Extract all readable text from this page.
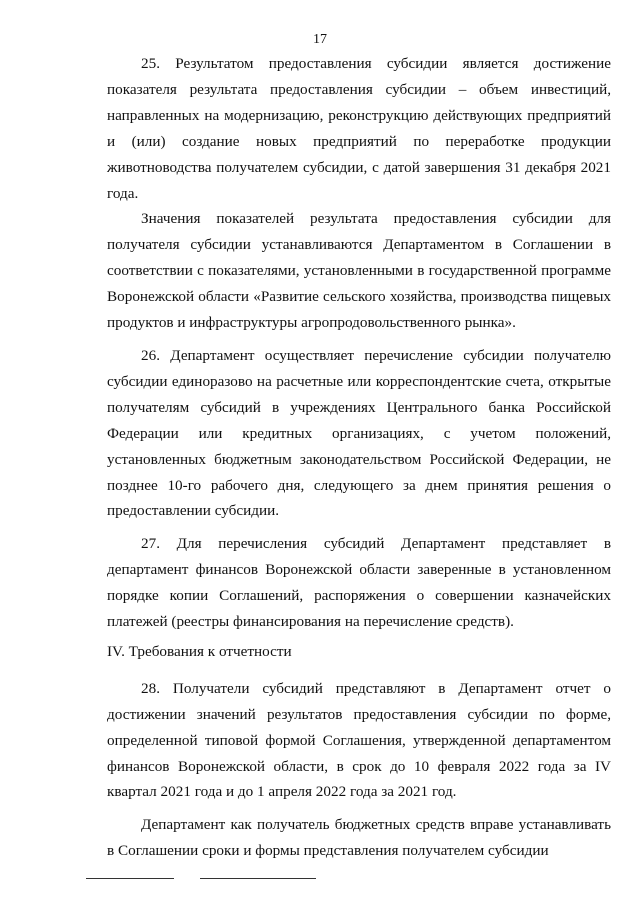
17

25. Результатом предоставления субсидии является достижение показателя результата предоставления субсидии – объем инвестиций, направленных на модернизацию, реконструкцию действующих предприятий и (или) создание новых предприятий по переработке продукции животноводства получателем субсидии, с датой завершения 31 декабря 2021 года.

Значения показателей результата предоставления субсидии для получателя субсидии устанавливаются Департаментом в Соглашении в соответствии с показателями, установленными в государственной программе Воронежской области «Развитие сельского хозяйства, производства пищевых продуктов и инфраструктуры агропродовольственного рынка».

26. Департамент осуществляет перечисление субсидии получателю субсидии единоразово на расчетные или корреспондентские счета, открытые получателям субсидий в учреждениях Центрального банка Российской Федерации или кредитных организациях, с учетом положений, установленных бюджетным законодательством Российской Федерации, не позднее 10-го рабочего дня, следующего за днем принятия решения о предоставлении субсидии.

27. Для перечисления субсидий Департамент представляет в департамент финансов Воронежской области заверенные в установленном порядке копии Соглашений, распоряжения о совершении казначейских платежей (реестры финансирования на перечисление средств).

IV. Требования к отчетности

28. Получатели субсидий представляют в Департамент отчет о достижении значений результатов предоставления субсидии по форме, определенной типовой формой Соглашения, утвержденной департаментом финансов Воронежской области, в срок до 10 февраля 2022 года за IV квартал 2021 года и до 1 апреля 2022 года за 2021 год.

Департамент как получатель бюджетных средств вправе устанавливать в Соглашении сроки и формы представления получателем субсидии
